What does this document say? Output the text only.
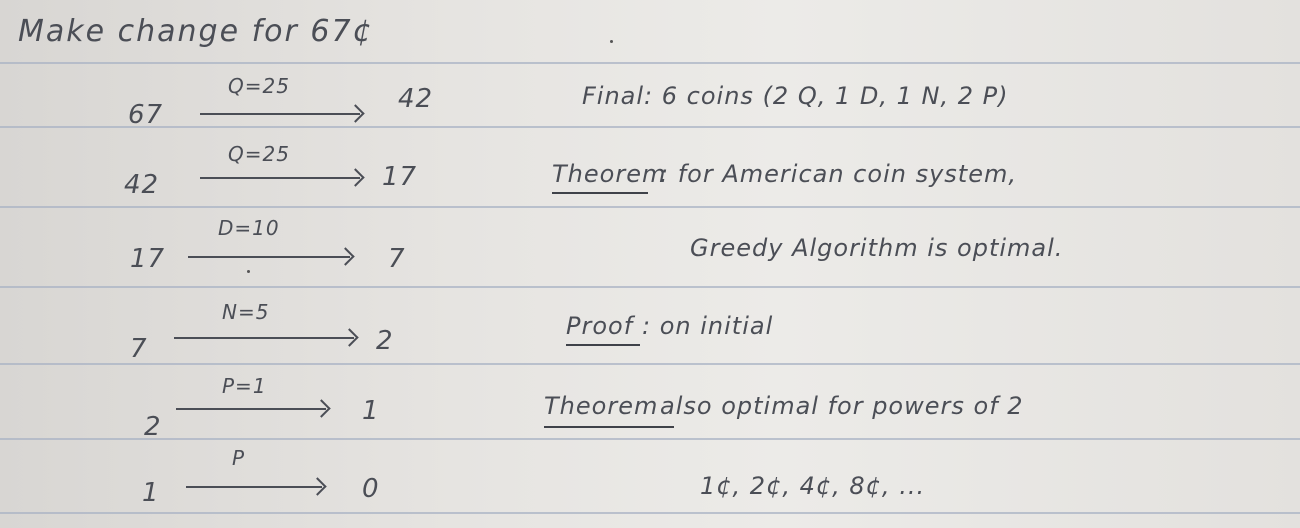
Make change for 67¢
67
Q=25	42
42
Q=25
17
17
D=10
7
7
N=5
2
2
P=1
1
1
P
0
Final: 6 coins (2 Q, 1 D, 1 N, 2 P)
Theorem
: for American coin system,
Greedy Algorithm is optimal.
Proof : on initial
Theorem also optimal for powers of 2
1¢, 2¢, 4¢, 8¢, ...
